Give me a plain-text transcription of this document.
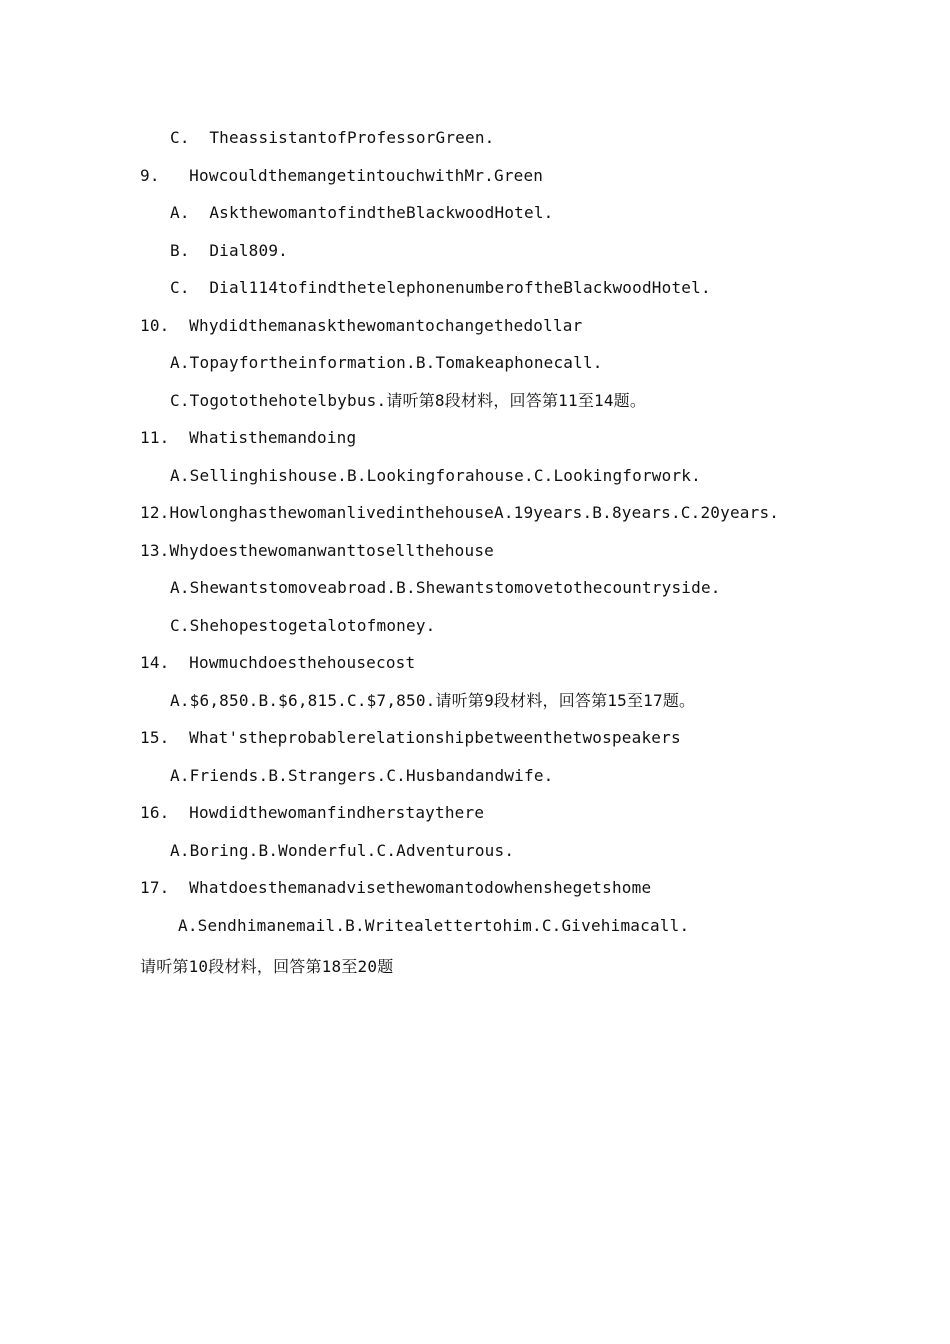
C.  TheassistantofProfessorGreen.
9.   HowcouldthemangetintouchwithMr.Green
A.  AskthewomantofindtheBlackwoodHotel.
B.  Dial809.
C.  Dial114tofindthetelephonenumberoftheBlackwoodHotel.
10.  Whydidthemanaskthewomantochangethedollar
A.Topayfortheinformation.B.Tomakeaphonecall.
C.Togotothehotelbybus.请听第8段材料，回答第11至14题。
11.  Whatisthemandoing
A.Sellinghishouse.B.Lookingforahouse.C.Lookingforwork.
12.HowlonghasthewomanlivedinthehouseA.19years.B.8years.C.20years.
13.Whydoesthewomanwanttosellthehouse
A.Shewantstomoveabroad.B.Shewantstomovetothecountryside.
C.Shehopestogetalotofmoney.
14.  Howmuchdoesthehousecost
A.$6,850.B.$6,815.C.$7,850.请听第9段材料，回答第15至17题。
15.  What'stheprobablerelationshipbetweenthetwospeakers
A.Friends.B.Strangers.C.Husbandandwife.
16.  Howdidthewomanfindherstaythere
A.Boring.B.Wonderful.C.Adventurous.
17.  Whatdoesthemanadvisethewomantodowhenshegetshome
A.Sendhimanemail.B.Writealettertohim.C.Givehimacall.
请听第10段材料，回答第18至20题
